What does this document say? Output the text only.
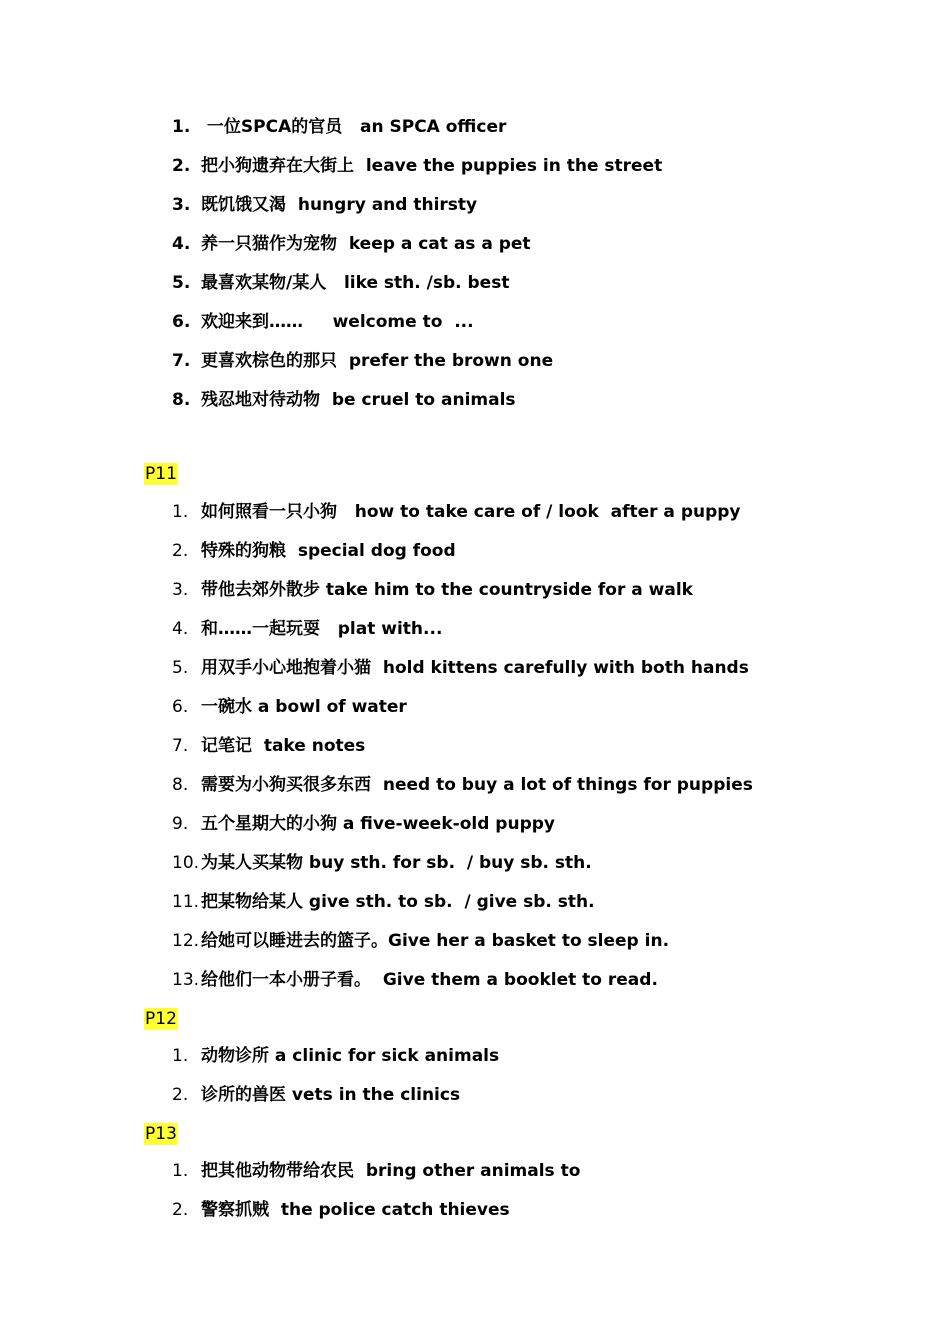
1. 一位SPCA的官员   an SPCA officer
2. 把小狗遗弃在大街上  leave the puppies in the street
3. 既饥饿又渴  hungry and thirsty
4. 养一只猫作为宠物  keep a cat as a pet
5. 最喜欢某物/某人   like sth. /sb. best
6. 欢迎来到……     welcome to  ...
7. 更喜欢棕色的那只  prefer the brown one
8. 残忍地对待动物  be cruel to animals
P11
1. 如何照看一只小狗   how to take care of / look  after a puppy
2. 特殊的狗粮  special dog food
3. 带他去郊外散步 take him to the countryside for a walk
4. 和……一起玩耍   plat with...
5. 用双手小心地抱着小猫  hold kittens carefully with both hands
6. 一碗水 a bowl of water
7. 记笔记  take notes
8. 需要为小狗买很多东西  need to buy a lot of things for puppies
9. 五个星期大的小狗 a five-week-old puppy
10. 为某人买某物 buy sth. for sb.  / buy sb. sth.
11. 把某物给某人 give sth. to sb.  / give sb. sth.
12. 给她可以睡进去的篮子。Give her a basket to sleep in.
13. 给他们一本小册子看。  Give them a booklet to read.
P12
1. 动物诊所 a clinic for sick animals
2. 诊所的兽医 vets in the clinics
P13
1. 把其他动物带给农民  bring other animals to
2. 警察抓贼  the police catch thieves
